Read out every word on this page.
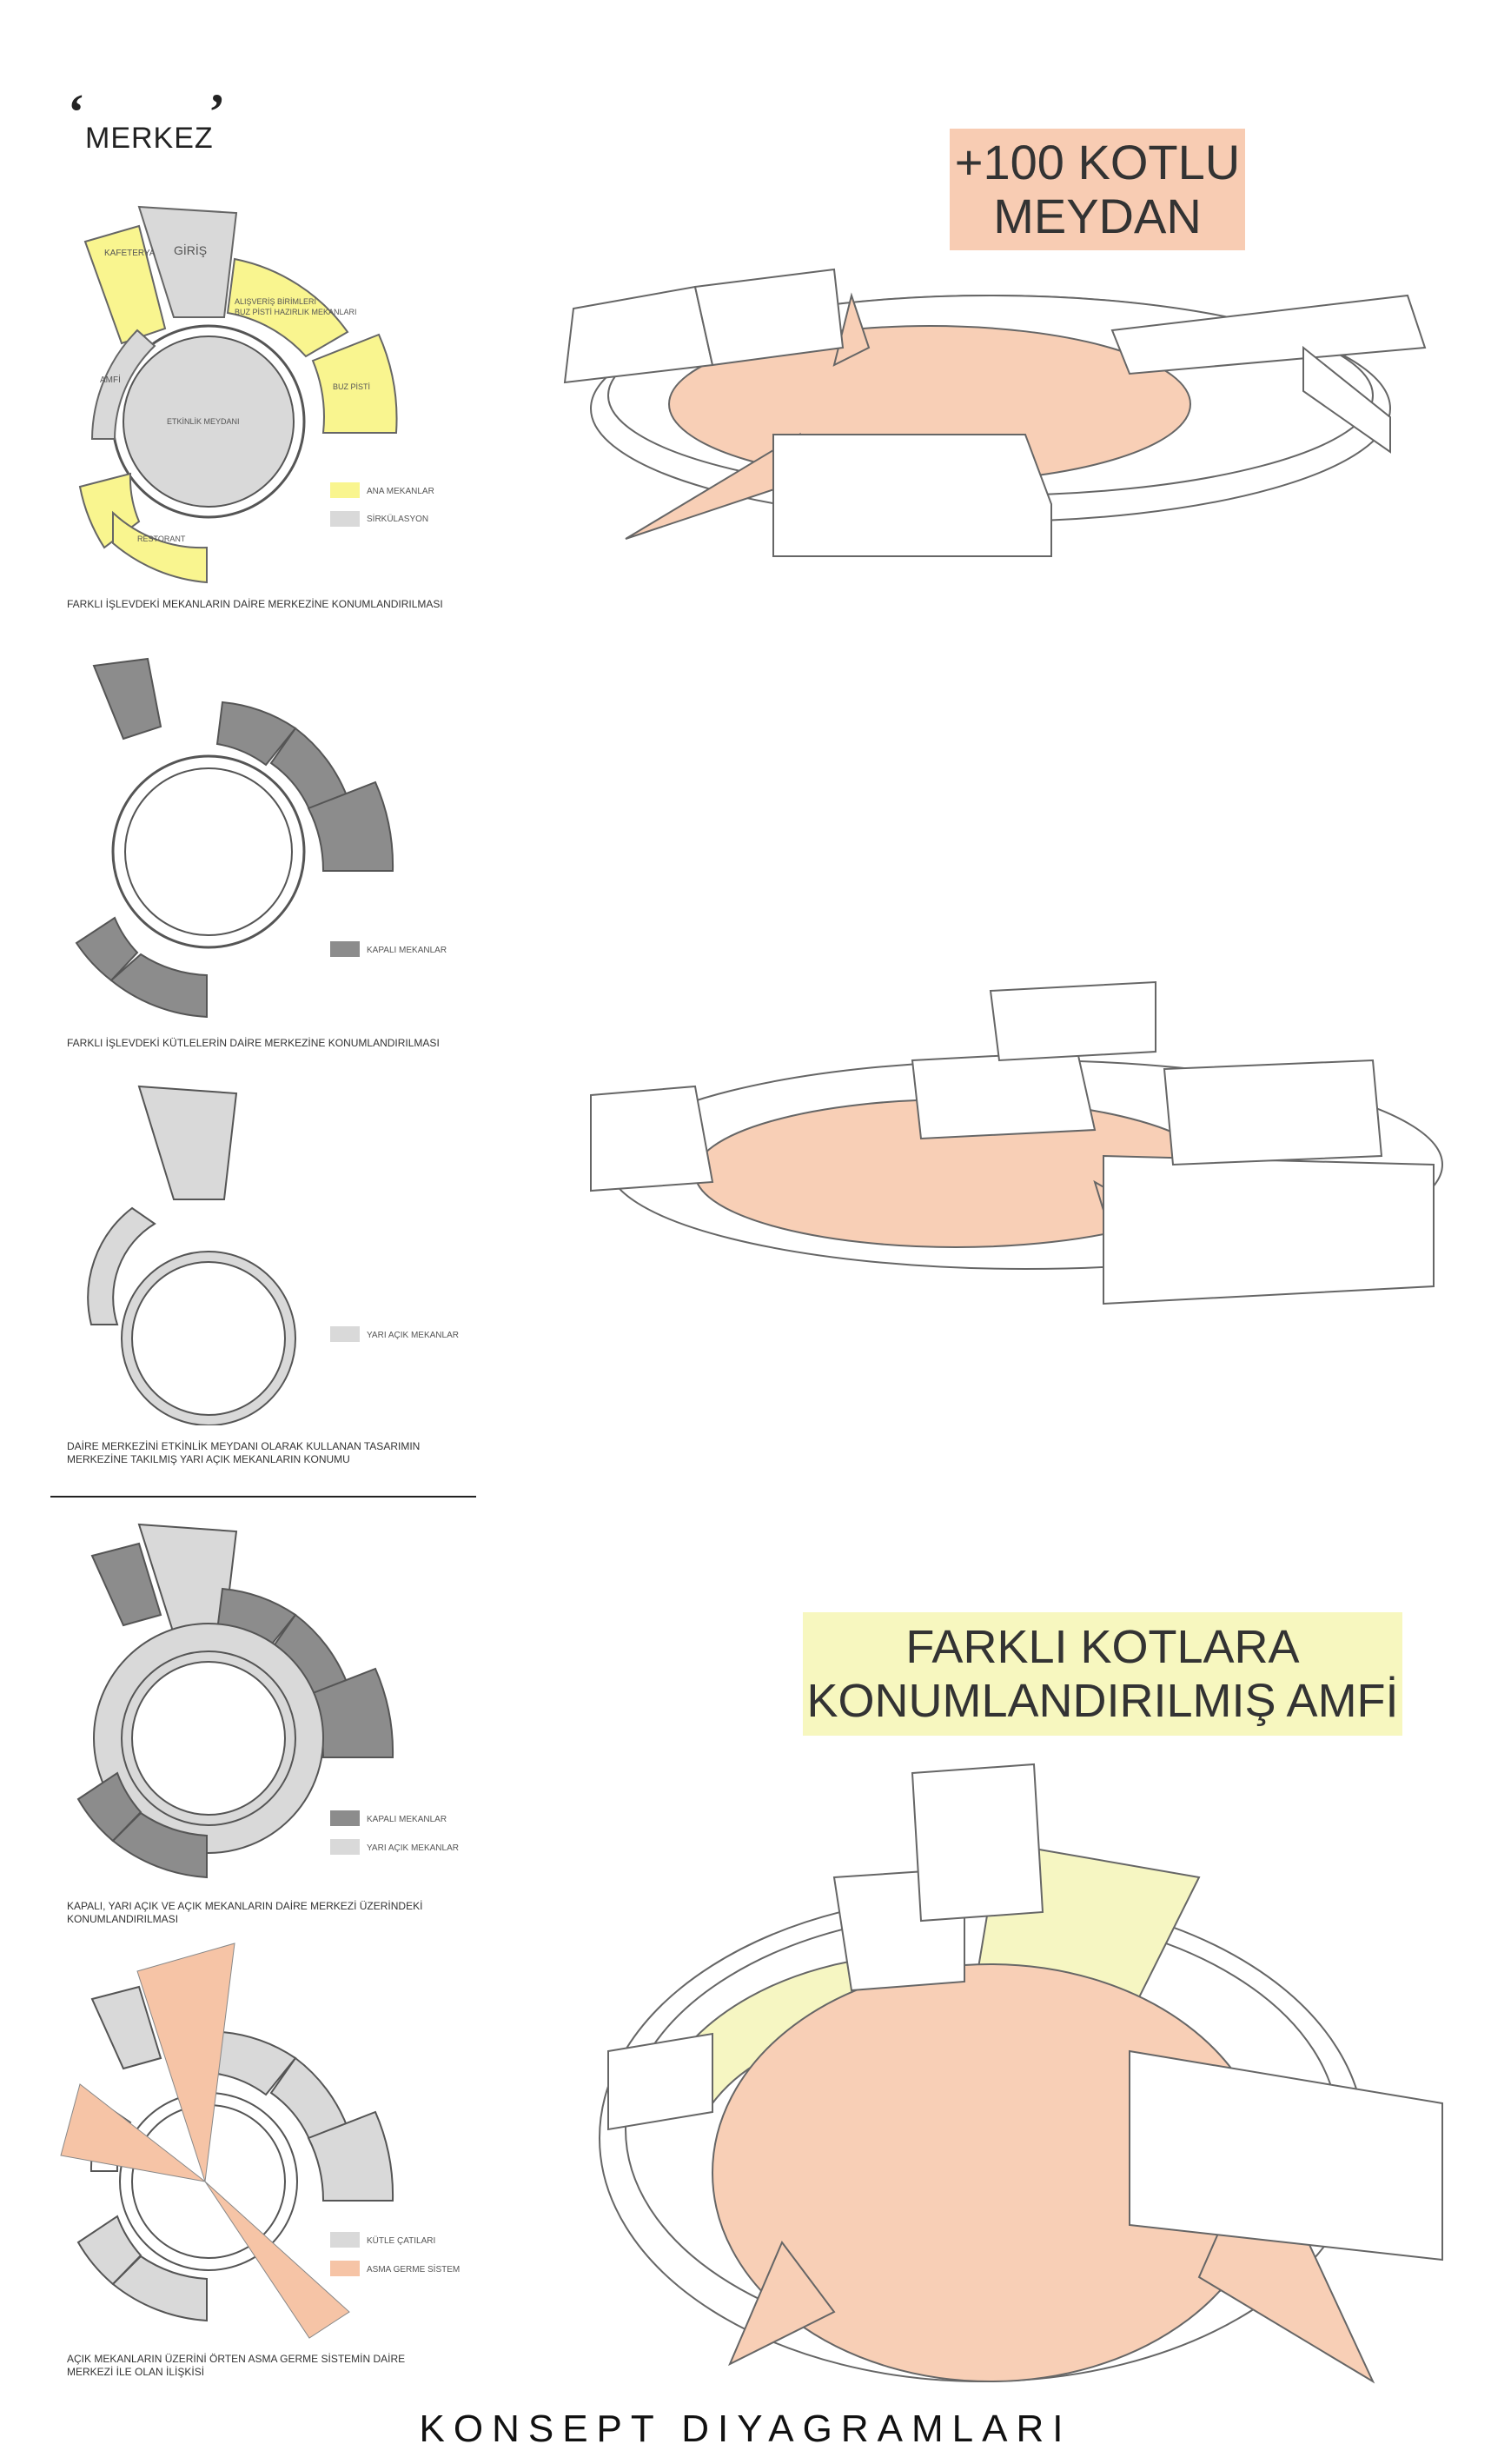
‘ MERKEZ
’
KAFETERYA GİRİŞ
ALIŞVERİŞ BİRİMLERİ
BUZ PİSTİ HAZIRLIK MEKANLARI
AMFİ
BUZ PİSTİ
ETKİNLİK MEYDANI
RESTORANT
ANA MEKANLAR
SİRKÜLASYON
FARKLI İŞLEVDEKİ MEKANLARIN DAİRE MERKEZİNE KONUMLANDIRILMASI
KAPALI MEKANLAR
FARKLI İŞLEVDEKİ KÜTLELERİN DAİRE MERKEZİNE KONUMLANDIRILMASI
YARI AÇIK MEKANLAR
DAİRE MERKEZİNİ ETKİNLİK MEYDANI OLARAK KULLANAN TASARIMIN
MERKEZİNE TAKILMIŞ YARI AÇIK MEKANLARIN KONUMU
KAPALI MEKANLAR
YARI AÇIK MEKANLAR
KAPALI, YARI AÇIK VE AÇIK MEKANLARIN DAİRE MERKEZİ ÜZERİNDEKİ
KONUMLANDIRILMASI
KÜTLE ÇATILARI
ASMA GERME SİSTEM
AÇIK MEKANLARIN ÜZERİNİ ÖRTEN ASMA GERME SİSTEMİN DAİRE
MERKEZİ İLE OLAN İLİŞKİSİ
+100 KOTLU
MEYDAN
FARKLI KOTLARA
KONUMLANDIRILMIŞ AMFİ
KONSEPT DIYAGRAMLARI
